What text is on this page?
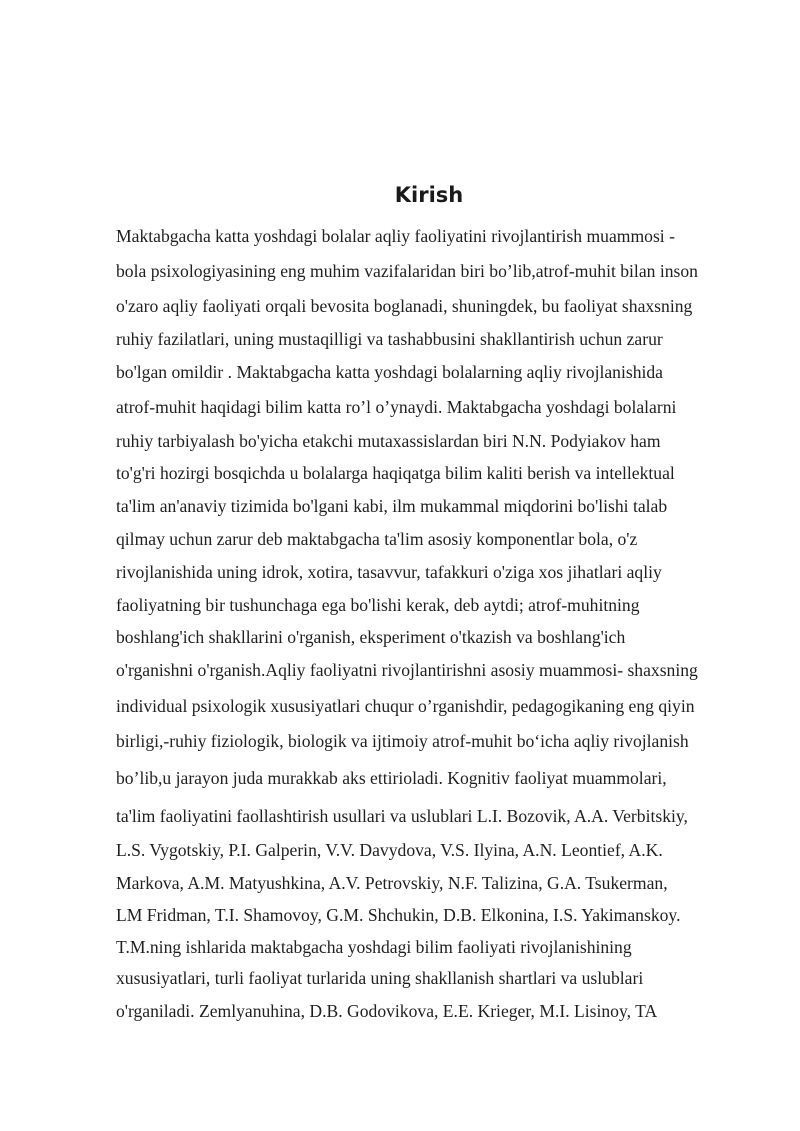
Kirish
Maktabgacha katta yoshdagi bolalar aqliy faoliyatini rivojlantirish muammosi -
bola psixologiyasining eng muhim vazifalaridan biri boʼlib,atrof-muhit bilan inson
o'zaro aqliy faoliyati orqali bevosita boglanadi, shuningdek, bu faoliyat shaxsning
ruhiy fazilatlari, uning mustaqilligi va tashabbusini shakllantirish uchun zarur
bo'lgan omildir . Maktabgacha katta yoshdagi bolalarning aqliy rivojlanishida
atrof-muhit haqidagi bilim katta roʼl oʼynaydi. Maktabgacha yoshdagi bolalarni
ruhiy tarbiyalash bo'yicha etakchi mutaxassislardan biri N.N. Podyiakov ham
to'g'ri hozirgi bosqichda u bolalarga haqiqatga bilim kaliti berish va intellektual
ta'lim an'anaviy tizimida bo'lgani kabi, ilm mukammal miqdorini bo'lishi talab
qilmay uchun zarur deb maktabgacha ta'lim asosiy komponentlar bola, o'z
rivojlanishida uning idrok, xotira, tasavvur, tafakkuri o'ziga xos jihatlari aqliy
faoliyatning bir tushunchaga ega bo'lishi kerak, deb aytdi; atrof-muhitning
boshlang'ich shakllarini o'rganish, eksperiment o'tkazish va boshlang'ich
o'rganishni o'rganish.Aqliy faoliyatni rivojlantirishni asosiy muammosi- shaxsning
individual psixologik xususiyatlari chuqur oʼrganishdir, pedagogikaning eng qiyin
birligi,-ruhiy fiziologik, biologik va ijtimoiy atrof-muhit boʻicha aqliy rivojlanish
boʼlib,u jarayon juda murakkab aks ettirioladi. Kognitiv faoliyat muammolari,
ta'lim faoliyatini faollashtirish usullari va uslublari L.I. Bozovik, A.A. Verbitskiy,
L.S. Vygotskiy, P.I. Galperin, V.V. Davydova, V.S. Ilyina, A.N. Leontief, A.K.
Markova, A.M. Matyushkina, A.V. Petrovskiy, N.F. Talizina, G.A. Tsukerman,
LM Fridman, T.I. Shamovoy, G.M. Shchukin, D.B. Elkonina, I.S. Yakimanskoy.
T.M.ning ishlarida maktabgacha yoshdagi bilim faoliyati rivojlanishining
xususiyatlari, turli faoliyat turlarida uning shakllanish shartlari va uslublari
o'rganiladi. Zemlyanuhina, D.B. Godovikova, E.E. Krieger, M.I. Lisinoy, TA
